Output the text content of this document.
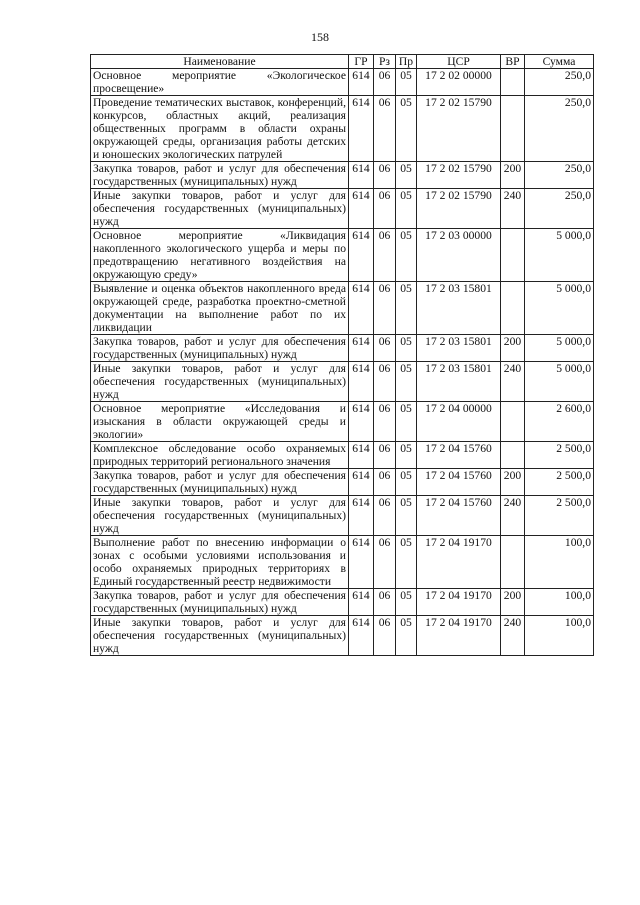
158
Наименование	ГР	Рз	Пр	ЦСР	ВР	Сумма
Основное мероприятие «Экологическое просвещение»	614	06	05	17 2 02 00000		250,0
Проведение тематических выставок, конференций, конкурсов, областных акций, реализация общественных программ в области охраны окружающей среды, организация работы детских и юношеских экологических патрулей	614	06	05	17 2 02 15790		250,0
Закупка товаров, работ и услуг для обеспечения государственных (муниципальных) нужд	614	06	05	17 2 02 15790	200	250,0
Иные закупки товаров, работ и услуг для обеспечения государственных (муниципальных) нужд	614	06	05	17 2 02 15790	240	250,0
Основное мероприятие «Ликвидация накопленного экологического ущерба и меры по предотвращению негативного воздействия на окружающую среду»	614	06	05	17 2 03 00000		5 000,0
Выявление и оценка объектов накопленного вреда окружающей среде, разработка проектно-сметной документации на выполнение работ по их ликвидации	614	06	05	17 2 03 15801		5 000,0
Закупка товаров, работ и услуг для обеспечения государственных (муниципальных) нужд	614	06	05	17 2 03 15801	200	5 000,0
Иные закупки товаров, работ и услуг для обеспечения государственных (муниципальных) нужд	614	06	05	17 2 03 15801	240	5 000,0
Основное мероприятие «Исследования и изыскания в области окружающей среды и экологии»	614	06	05	17 2 04 00000		2 600,0
Комплексное обследование особо охраняемых природных территорий регионального значения	614	06	05	17 2 04 15760		2 500,0
Закупка товаров, работ и услуг для обеспечения государственных (муниципальных) нужд	614	06	05	17 2 04 15760	200	2 500,0
Иные закупки товаров, работ и услуг для обеспечения государственных (муниципальных) нужд	614	06	05	17 2 04 15760	240	2 500,0
Выполнение работ по внесению информации о зонах с особыми условиями использования и особо охраняемых природных территориях в Единый государственный реестр недвижимости	614	06	05	17 2 04 19170		100,0
Закупка товаров, работ и услуг для обеспечения государственных (муниципальных) нужд	614	06	05	17 2 04 19170	200	100,0
Иные закупки товаров, работ и услуг для обеспечения государственных (муниципальных) нужд	614	06	05	17 2 04 19170	240	100,0
